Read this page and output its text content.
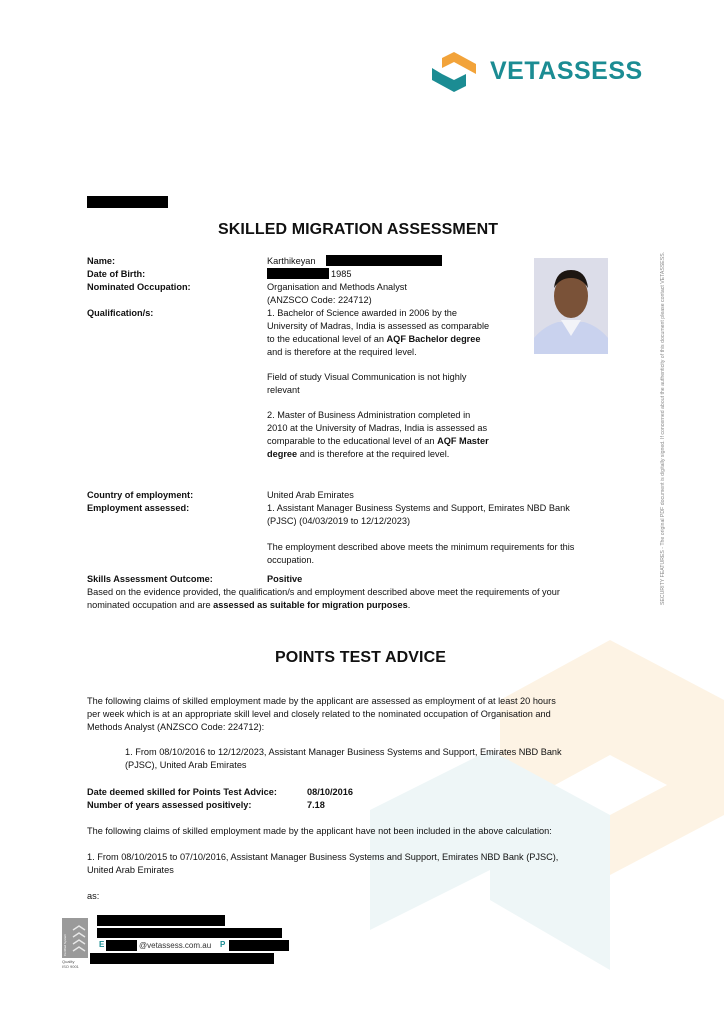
VETASSESS
SECURITY FEATURES - The original PDF document is digitally signed. If concerned about the authenticity of this document please contact VETASSESS.
SKILLED MIGRATION ASSESSMENT
Name:	Karthikeyan
Date of Birth:	1985
Nominated Occupation:	Organisation and Methods Analyst
(ANZSCO Code: 224712)
Qualification/s:	1. Bachelor of Science awarded in 2006 by the

University of Madras, India is assessed as comparable

to the educational level of an AQF Bachelor degree

and is therefore at the required level.

Field of study Visual Communication is not highly

relevant

2. Master of Business Administration completed in

2010 at the University of Madras, India is assessed as

comparable to the educational level of an AQF Master

degree and is therefore at the required level.

Country of employment:	United Arab Emirates
Employment assessed:	1. Assistant Manager Business Systems and Support, Emirates NBD Bank

(PJSC) (04/03/2019 to 12/12/2023)

The employment described above meets the minimum requirements for this

occupation.

Skills Assessment Outcome:	Positive

Based on the evidence provided, the qualification/s and employment described above meet the requirements of your

nominated occupation and are assessed as suitable for migration purposes.

POINTS TEST ADVICE

The following claims of skilled employment made by the applicant are assessed as employment of at least 20 hours

per week which is at an appropriate skill level and closely related to the nominated occupation of Organisation and

Methods Analyst (ANZSCO Code: 224712):

1. From 08/10/2016 to 12/12/2023, Assistant Manager Business Systems and Support, Emirates NBD Bank

(PJSC), United Arab Emirates

Date deemed skilled for Points Test Advice:	08/10/2016
Number of years assessed positively:	7.18
The following claims of skilled employment made by the applicant have not been included in the above calculation:

1. From 08/10/2015 to 07/10/2016, Assistant Manager Business Systems and Support, Emirates NBD Bank (PJSC),

United Arab Emirates

as:
Certified System
Quality
ISO 9001
E	@vetassess.com.au P
